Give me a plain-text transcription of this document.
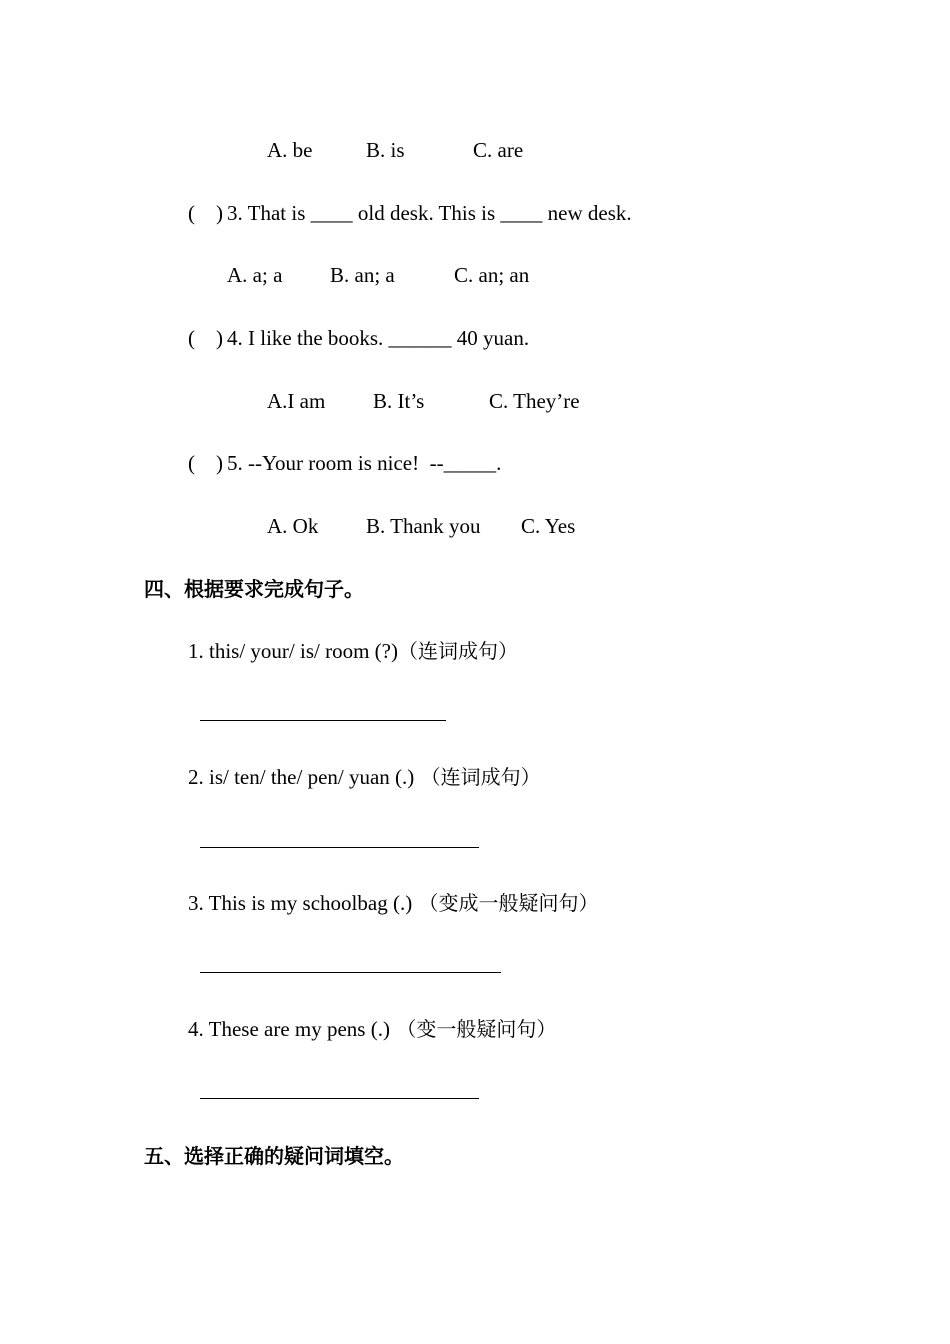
A. be	B. is	C. are
(    ) 3. That is ____ old desk. This is ____ new desk.
A. a; a B. an; a	C. an; an
(    ) 4. I like the books. ______ 40 yuan.
A.I am B. It’s	C. They’re
(    ) 5. --Your room is nice!  --_____.
A. Ok B. Thank you C. Yes
四、根据要求完成句子。
1. this/ your/ is/ room (?)（连词成句）
2. is/ ten/ the/ pen/ yuan (.) （连词成句）
3. This is my schoolbag (.) （变成一般疑问句）
4. These are my pens (.) （变一般疑问句）
五、选择正确的疑问词填空。
